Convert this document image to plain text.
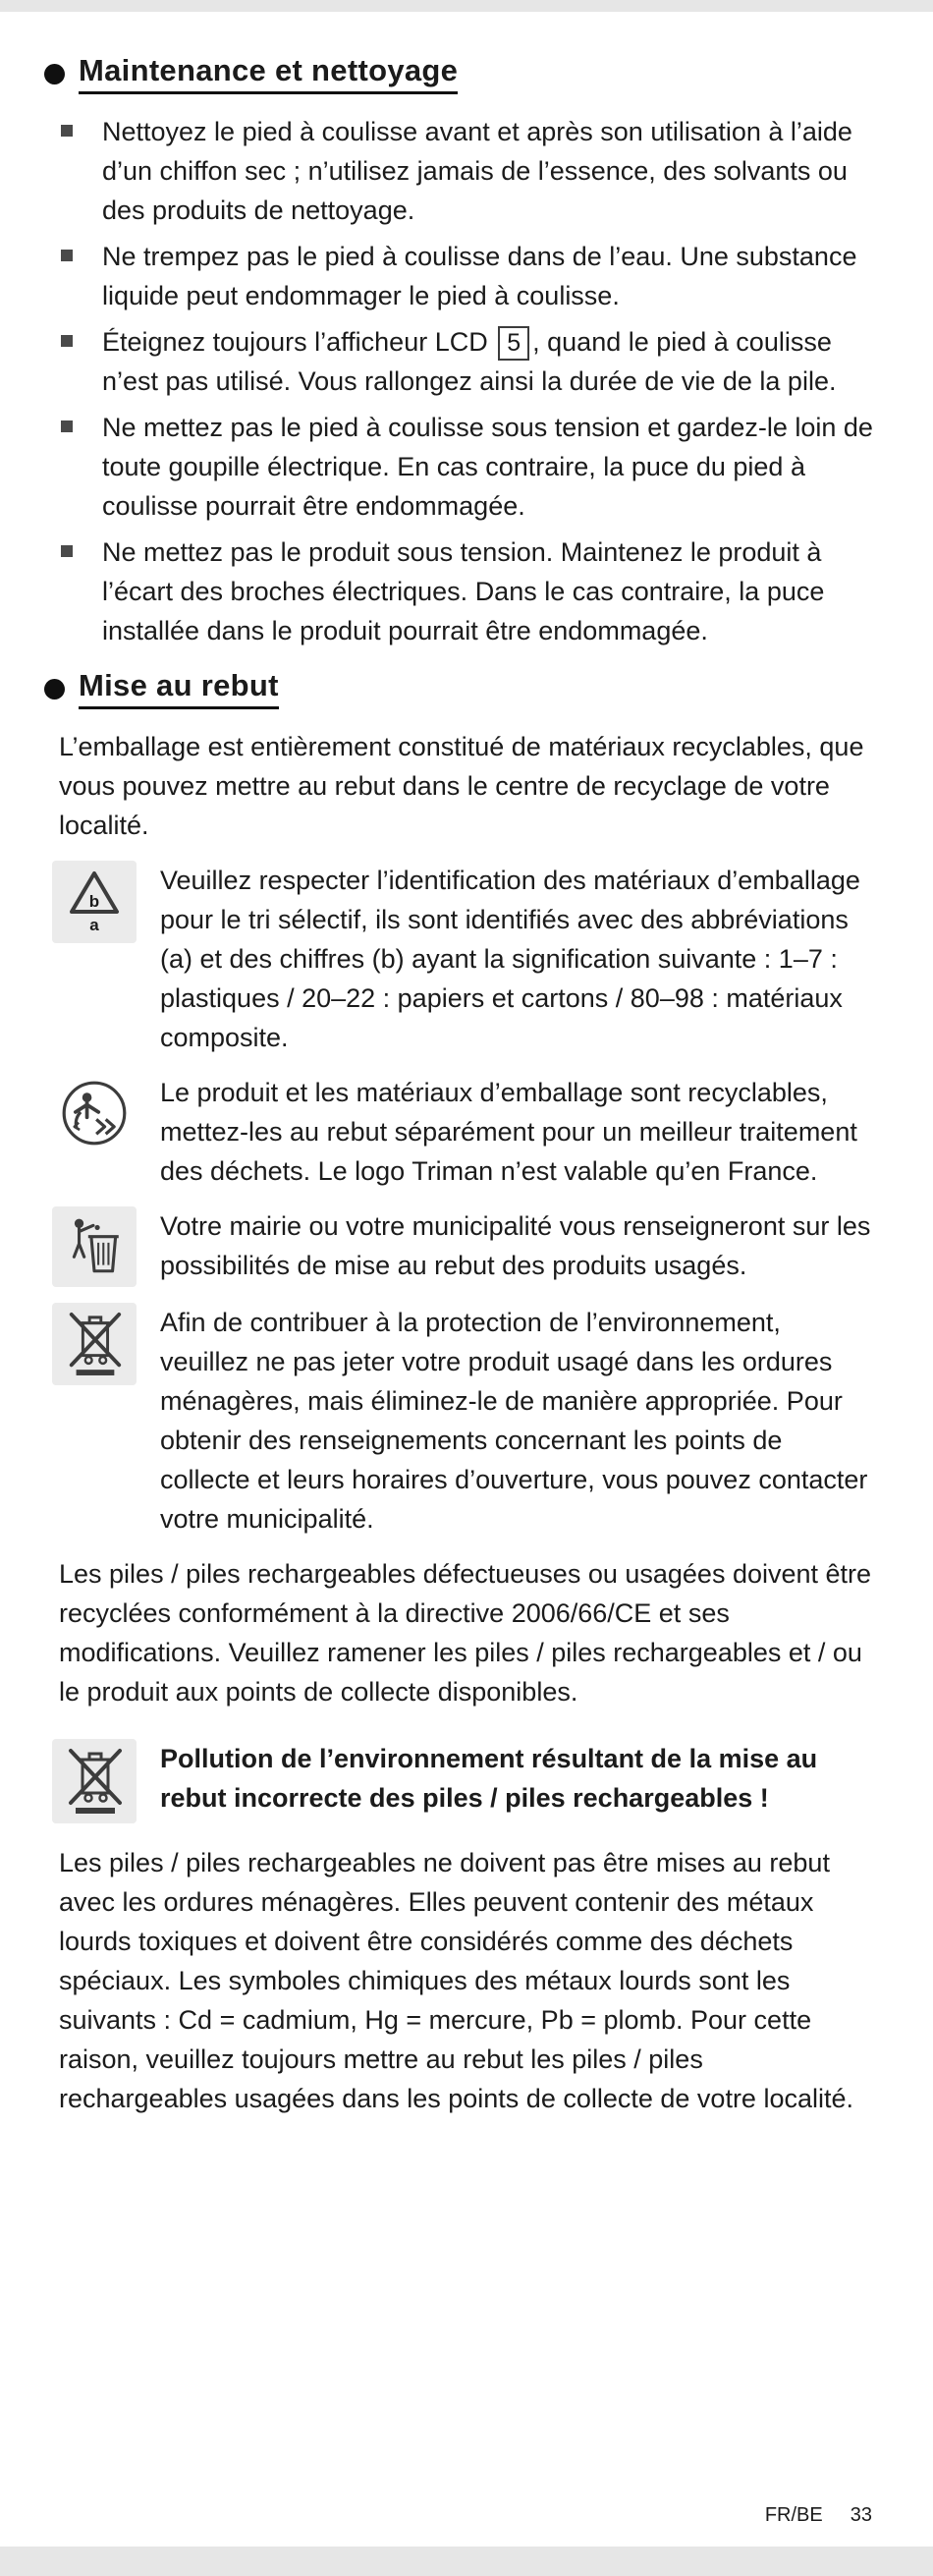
Maintenance et nettoyage
Nettoyez le pied à coulisse avant et après son utilisation à l’aide d’un chiffon sec ; n’utilisez jamais de l’essence, des solvants ou des produits de nettoyage.
Ne trempez pas le pied à coulisse dans de l’eau. Une substance liquide peut endommager le pied à coulisse.
Éteignez toujours l’afficheur LCD 5 , quand le pied à coulisse n’est pas utilisé. Vous rallongez ainsi la durée de vie de la pile.
Ne mettez pas le pied à coulisse sous tension et gardez-le loin de toute goupille électrique. En cas contraire, la puce du pied à coulisse pourrait être endommagée.
Ne mettez pas le produit sous tension. Maintenez le produit à l’écart des broches électriques. Dans le cas contraire, la puce installée dans le produit pourrait être endommagée.
Mise au rebut

L’emballage est entièrement constitué de matériaux recyclables, que vous pouvez mettre au rebut dans le centre de recyclage de votre localité.

b
a
Veuillez respecter l’identification des matériaux d’emballage pour le tri sélectif, ils sont identifiés avec des abbréviations (a) et des chiffres (b) ayant la signification suivante : 1–7 : plastiques / 20–22 : papiers et cartons / 80–98 : matériaux composite.
Le produit et les matériaux d’emballage sont recyclables, mettez-les au rebut séparément pour un meilleur traitement des déchets. Le logo Triman n’est valable qu’en France.
Votre mairie ou votre municipalité vous renseigneront sur les possibilités de mise au rebut des produits usagés.
Afin de contribuer à la protection de l’environnement, veuillez ne pas jeter votre produit usagé dans les ordures ménagères, mais éliminez-le de manière appropriée. Pour obtenir des renseignements concernant les points de collecte et leurs horaires d’ouverture, vous pouvez contacter votre municipalité.

Les piles / piles rechargeables défectueuses ou usagées doivent être recyclées conformément à la directive 2006/66/CE et ses modifications. Veuillez ramener les piles / piles rechargeables et / ou le produit aux points de collecte disponibles.

Pollution de l’environnement résultant de la mise au rebut incorrecte des piles / piles rechargeables !

Les piles / piles rechargeables ne doivent pas être mises au rebut avec les ordures ménagères. Elles peuvent contenir des métaux lourds toxiques et doivent être considérés comme des déchets spéciaux. Les symboles chimiques des métaux lourds sont les suivants : Cd = cadmium, Hg = mercure, Pb = plomb. Pour cette raison, veuillez toujours mettre au rebut les piles / piles rechargeables usagées dans les points de collecte de votre localité.

FR/BE 33
